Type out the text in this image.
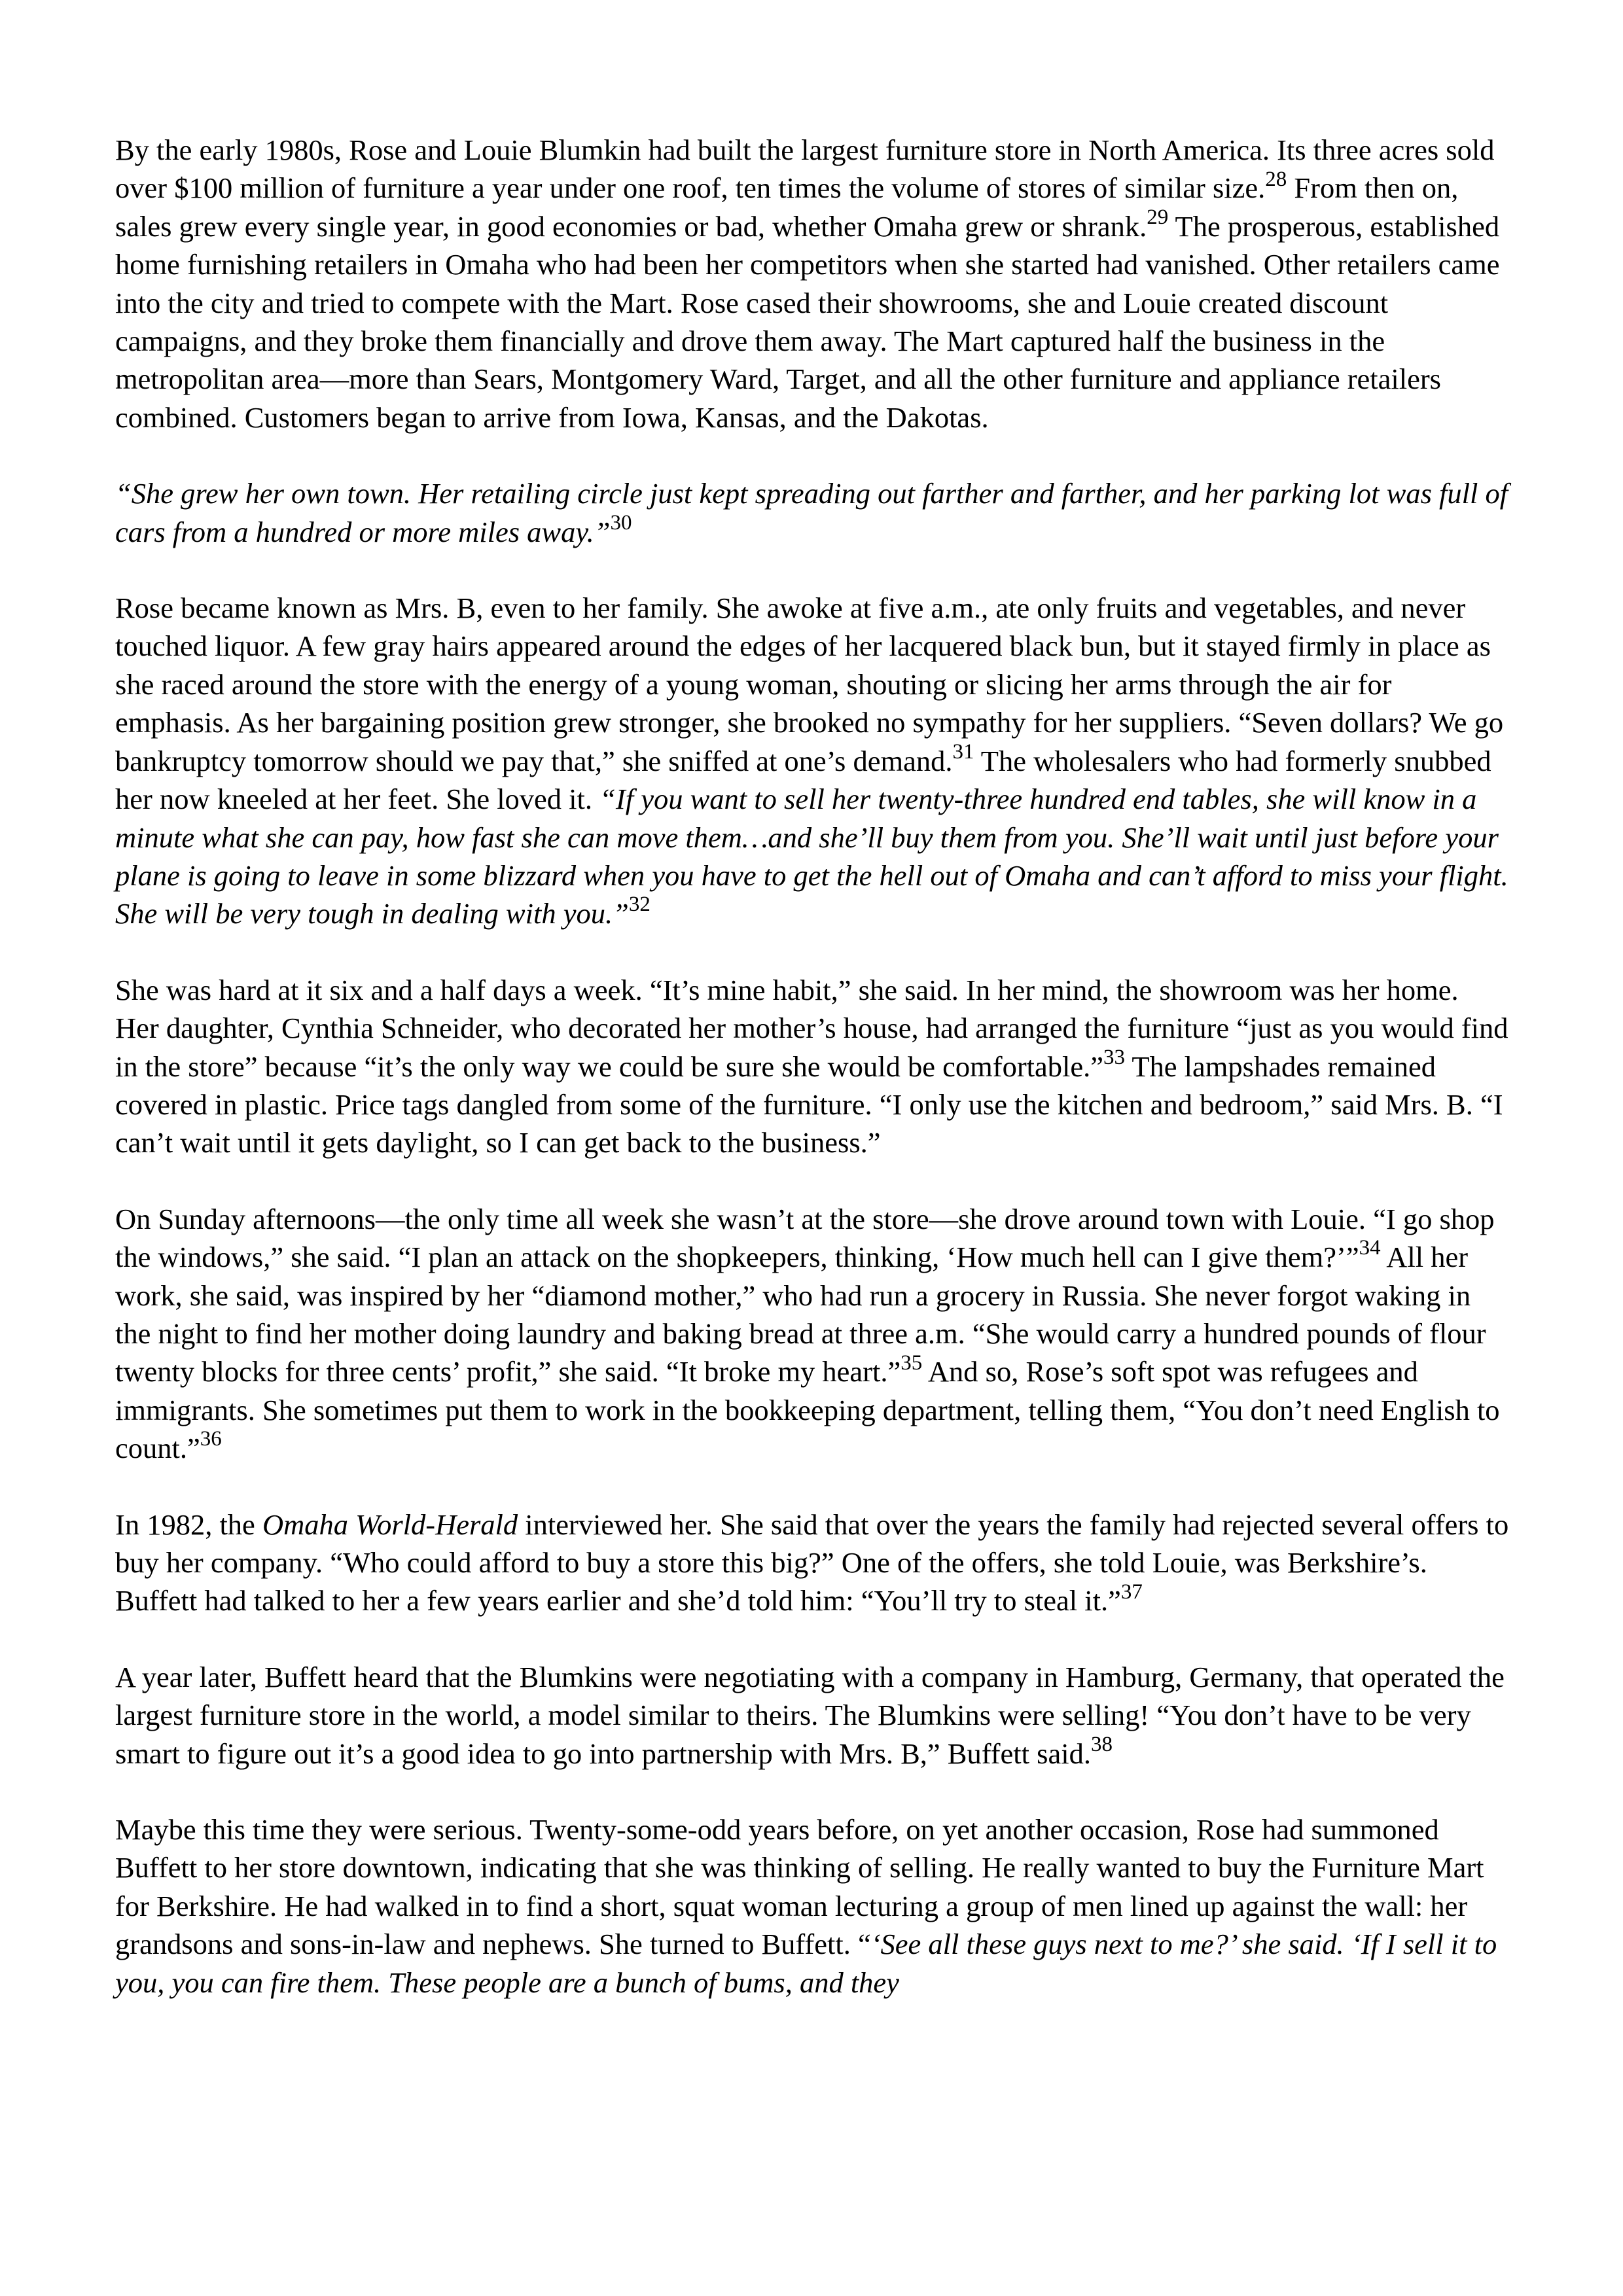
By the early 1980s, Rose and Louie Blumkin had built the largest furniture store in North America. Its three acres sold over $100 million of furniture a year under one roof, ten times the volume of stores of similar size.$^{28}$ From then on, sales grew every single year, in good economies or bad, whether Omaha grew or shrank.$^{29}$ The prosperous, established home furnishing retailers in Omaha who had been her competitors when she started had vanished. Other retailers came into the city and tried to compete with the Mart. Rose cased their showrooms, she and Louie created discount campaigns, and they broke them financially and drove them away. The Mart captured half the business in the metropolitan area—more than Sears, Montgomery Ward, Target, and all the other furniture and appliance retailers combined. Customers began to arrive from Iowa, Kansas, and the Dakotas.

“She grew her own town. Her retailing circle just kept spreading out farther and farther, and her parking lot was full of cars from a hundred or more miles away.”$^{30}$

Rose became known as Mrs. B, even to her family. She awoke at five a.m., ate only fruits and vegetables, and never touched liquor. A few gray hairs appeared around the edges of her lacquered black bun, but it stayed firmly in place as she raced around the store with the energy of a young woman, shouting or slicing her arms through the air for emphasis. As her bargaining position grew stronger, she brooked no sympathy for her suppliers. “Seven dollars? We go bankruptcy tomorrow should we pay that,” she sniffed at one’s demand.$^{31}$ The wholesalers who had formerly snubbed her now kneeled at her feet. She loved it. “If you want to sell her twenty-three hundred end tables, she will know in a minute what she can pay, how fast she can move them…and she’ll buy them from you. She’ll wait until just before your plane is going to leave in some blizzard when you have to get the hell out of Omaha and can’t afford to miss your flight. She will be very tough in dealing with you.”$^{32}$

She was hard at it six and a half days a week. “It’s mine habit,” she said. In her mind, the showroom was her home. Her daughter, Cynthia Schneider, who decorated her mother’s house, had arranged the furniture “just as you would find in the store” because “it’s the only way we could be sure she would be comfortable.”$^{33}$ The lampshades remained covered in plastic. Price tags dangled from some of the furniture. “I only use the kitchen and bedroom,” said Mrs. B. “I can’t wait until it gets daylight, so I can get back to the business.”

On Sunday afternoons—the only time all week she wasn’t at the store—she drove around town with Louie. “I go shop the windows,” she said. “I plan an attack on the shopkeepers, thinking, ‘How much hell can I give them?’”$^{34}$ All her work, she said, was inspired by her “diamond mother,” who had run a grocery in Russia. She never forgot waking in the night to find her mother doing laundry and baking bread at three a.m. “She would carry a hundred pounds of flour twenty blocks for three cents’ profit,” she said. “It broke my heart.”$^{35}$ And so, Rose’s soft spot was refugees and immigrants. She sometimes put them to work in the bookkeeping department, telling them, “You don’t need English to count.”$^{36}$

In 1982, the Omaha World-Herald interviewed her. She said that over the years the family had rejected several offers to buy her company. “Who could afford to buy a store this big?” One of the offers, she told Louie, was Berkshire’s. Buffett had talked to her a few years earlier and she’d told him: “You’ll try to steal it.”$^{37}$

A year later, Buffett heard that the Blumkins were negotiating with a company in Hamburg, Germany, that operated the largest furniture store in the world, a model similar to theirs. The Blumkins were selling! “You don’t have to be very smart to figure out it’s a good idea to go into partnership with Mrs. B,” Buffett said.$^{38}$

Maybe this time they were serious. Twenty-some-odd years before, on yet another occasion, Rose had summoned Buffett to her store downtown, indicating that she was thinking of selling. He really wanted to buy the Furniture Mart for Berkshire. He had walked in to find a short, squat woman lecturing a group of men lined up against the wall: her grandsons and sons-in-law and nephews. She turned to Buffett. “‘See all these guys next to me?’ she said. ‘If I sell it to you, you can fire them. These people are a bunch of bums, and they
